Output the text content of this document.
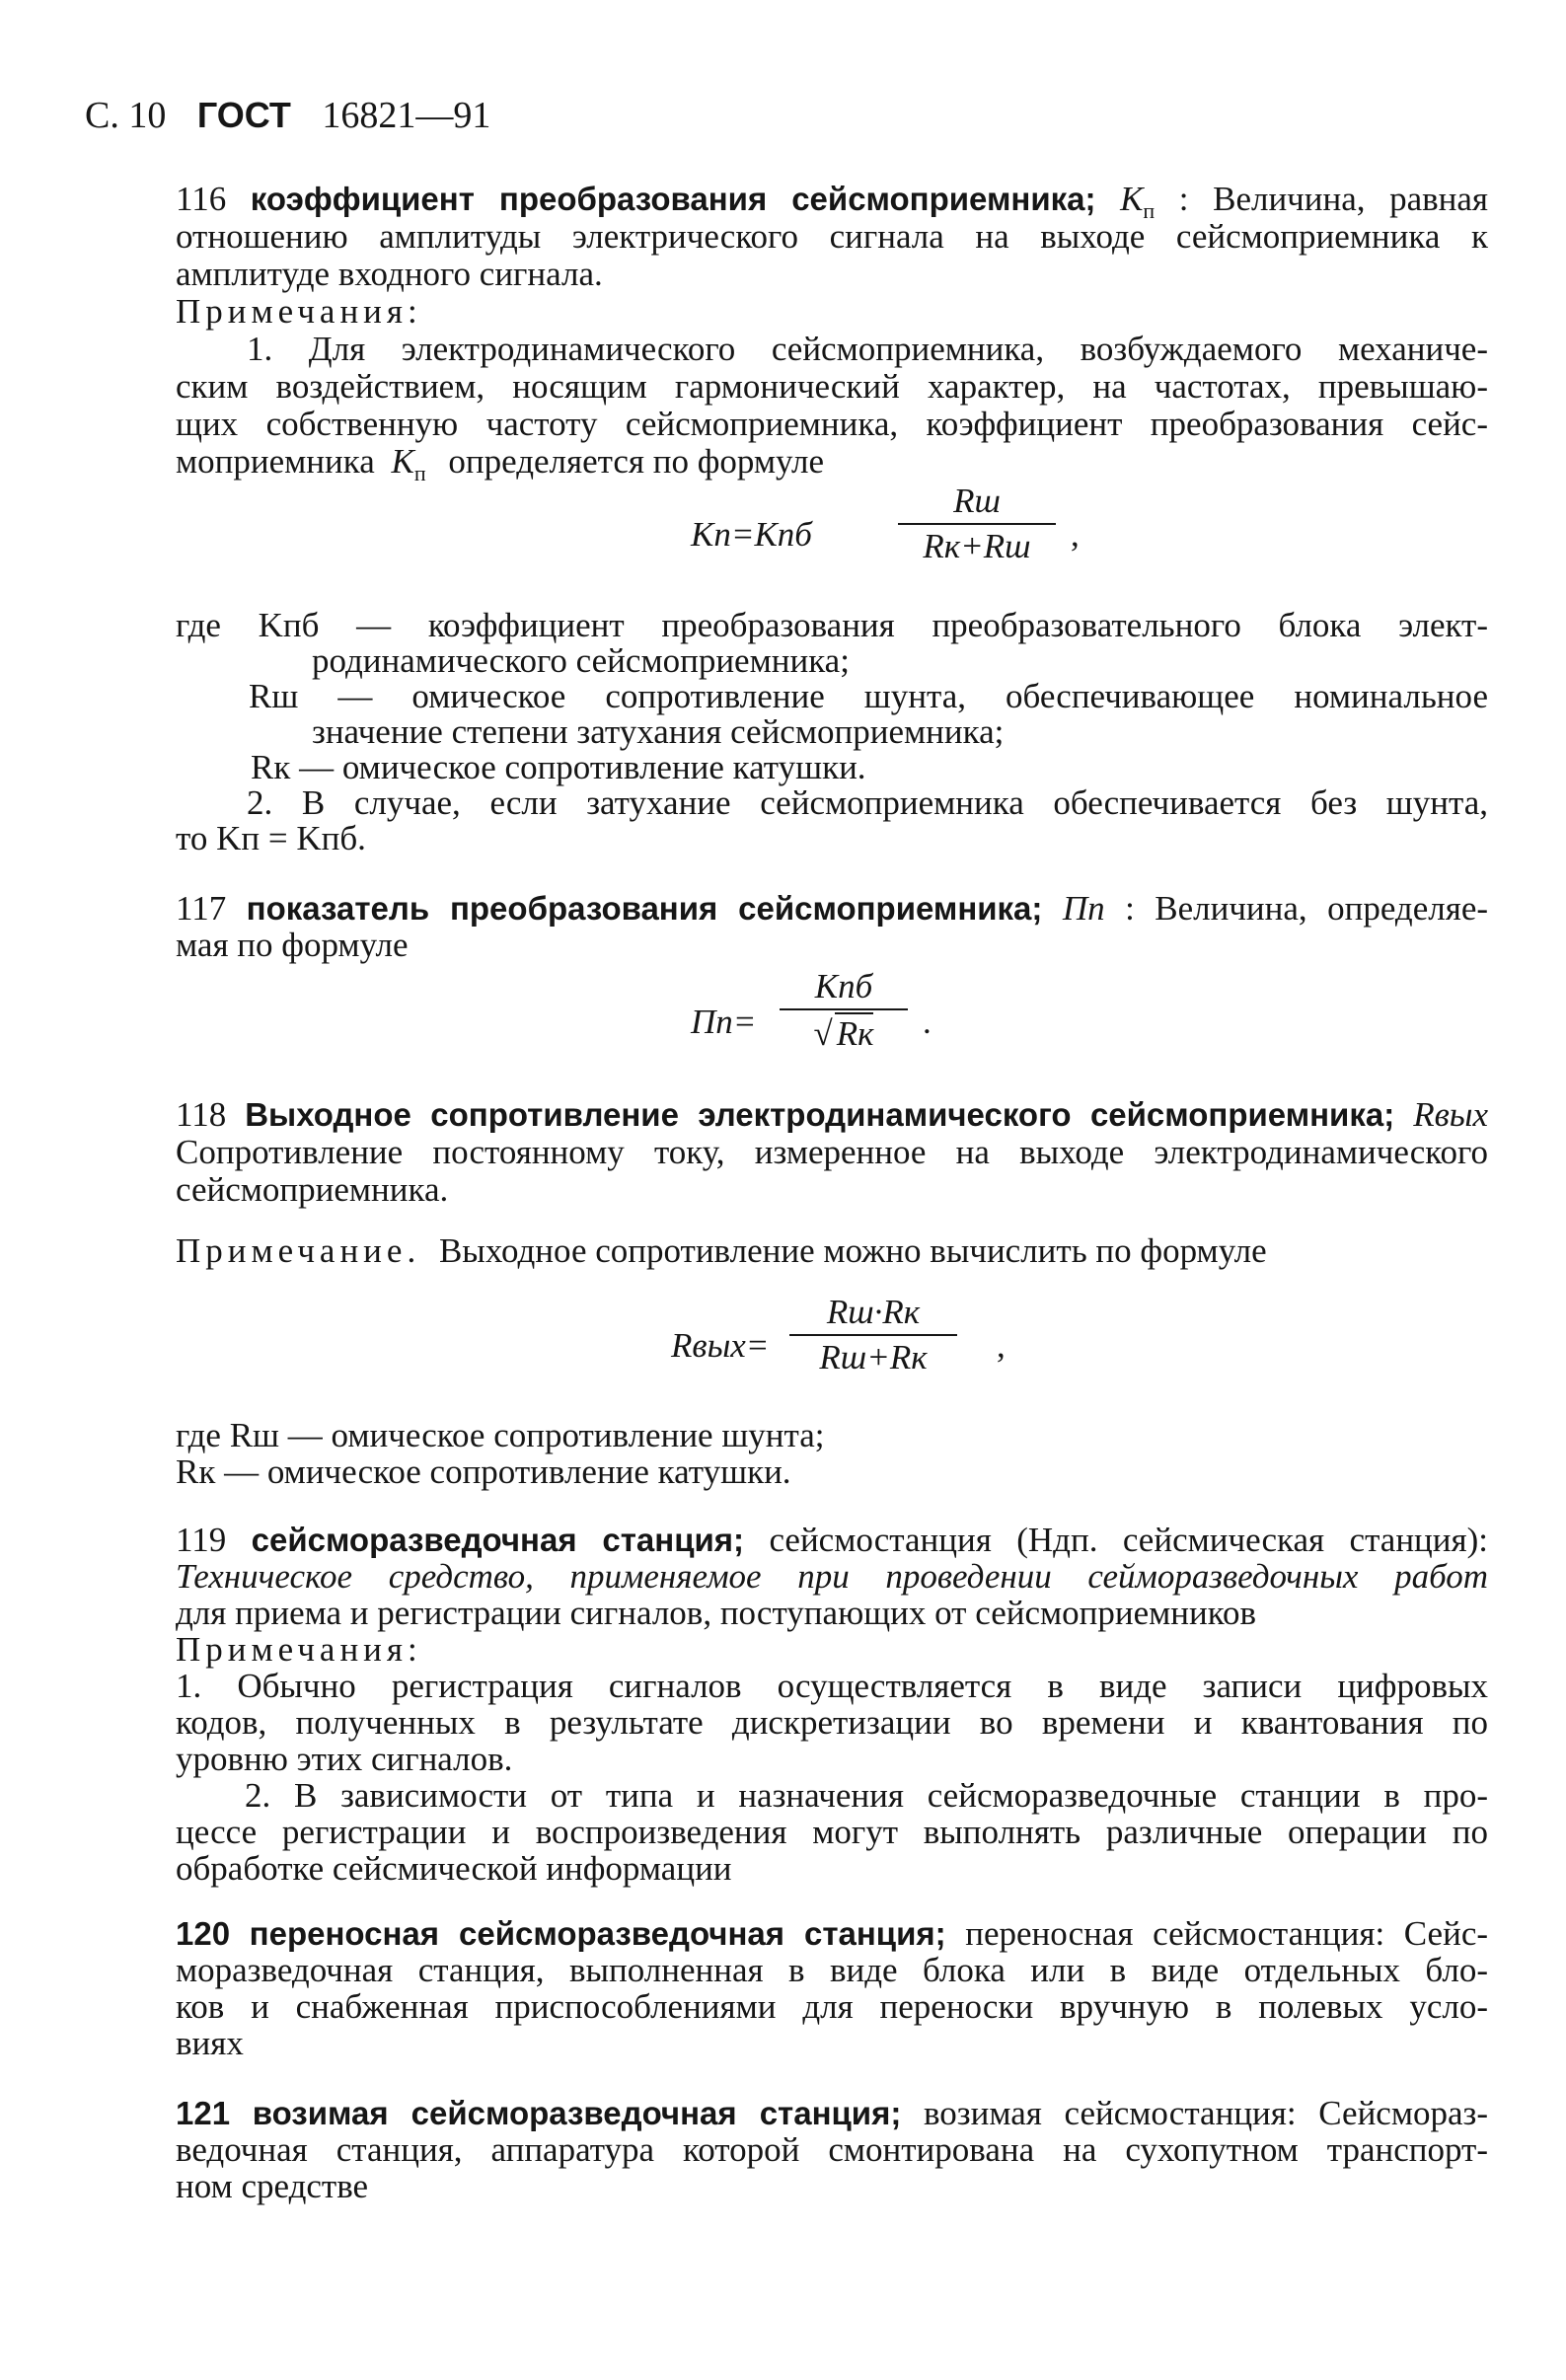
С. 10 ГОСТ 16821—91
116 коэффициент преобразования сейсмоприемника; $K_п$ : Величина, равная
отношению амплитуды электрического сигнала на выходе сейсмоприемника к
амплитуде входного сигнала.
Примечания:
1. Для электродинамического сейсмоприемника, возбуждаемого механиче-
ским воздействием, носящим гармонический характер, на частотах, превышаю-
щих собственную частоту сейсмоприемника, коэффициент преобразования сейс-
моприемника $K_п$ определяется по формуле
Kп=Kпб
Rш
Rк+Rш	,
где Kпб — коэффициент преобразования преобразовательного блока элект-
родинамического сейсмоприемника;
Rш — омическое сопротивление шунта, обеспечивающее номинальное
значение степени затухания сейсмоприемника;
Rк — омическое сопротивление катушки.
2. В случае, если затухание сейсмоприемника обеспечивается без шунта,
то Kп = Kпб.
117 показатель преобразования сейсмоприемника; Пп : Величина, определяе-
мая по формуле
Пп=
Kпб
√ Rк	.
118 Выходное сопротивление электродинамического сейсмоприемника; Rвых
Сопротивление постоянному току, измеренное на выходе электродинамического
сейсмоприемника.
Примечание. Выходное сопротивление можно вычислить по формуле
Rвых=
Rш·Rк
Rш+Rк	,
где Rш — омическое сопротивление шунта;
Rк — омическое сопротивление катушки.
119 сейсморазведочная станция; сейсмостанция (Ндп. сейсмическая станция):
Техническое средство, применяемое при проведении сейморазведочных работ
для приема и регистрации сигналов, поступающих от сейсмоприемников
Примечания:
1. Обычно регистрация сигналов осуществляется в виде записи цифровых
кодов, полученных в результате дискретизации во времени и квантования по
уровню этих сигналов.
2. В зависимости от типа и назначения сейсморазведочные станции в про-
цессе регистрации и воспроизведения могут выполнять различные операции по
обработке сейсмической информации
120 переносная сейсморазведочная станция; переносная сейсмостанция: Сейс-
моразведочная станция, выполненная в виде блока или в виде отдельных бло-
ков и снабженная приспособлениями для переноски вручную в полевых усло-
виях
121 возимая сейсморазведочная станция; возимая сейсмостанция: Сейсмораз-
ведочная станция, аппаратура которой смонтирована на сухопутном транспорт-
ном средстве
